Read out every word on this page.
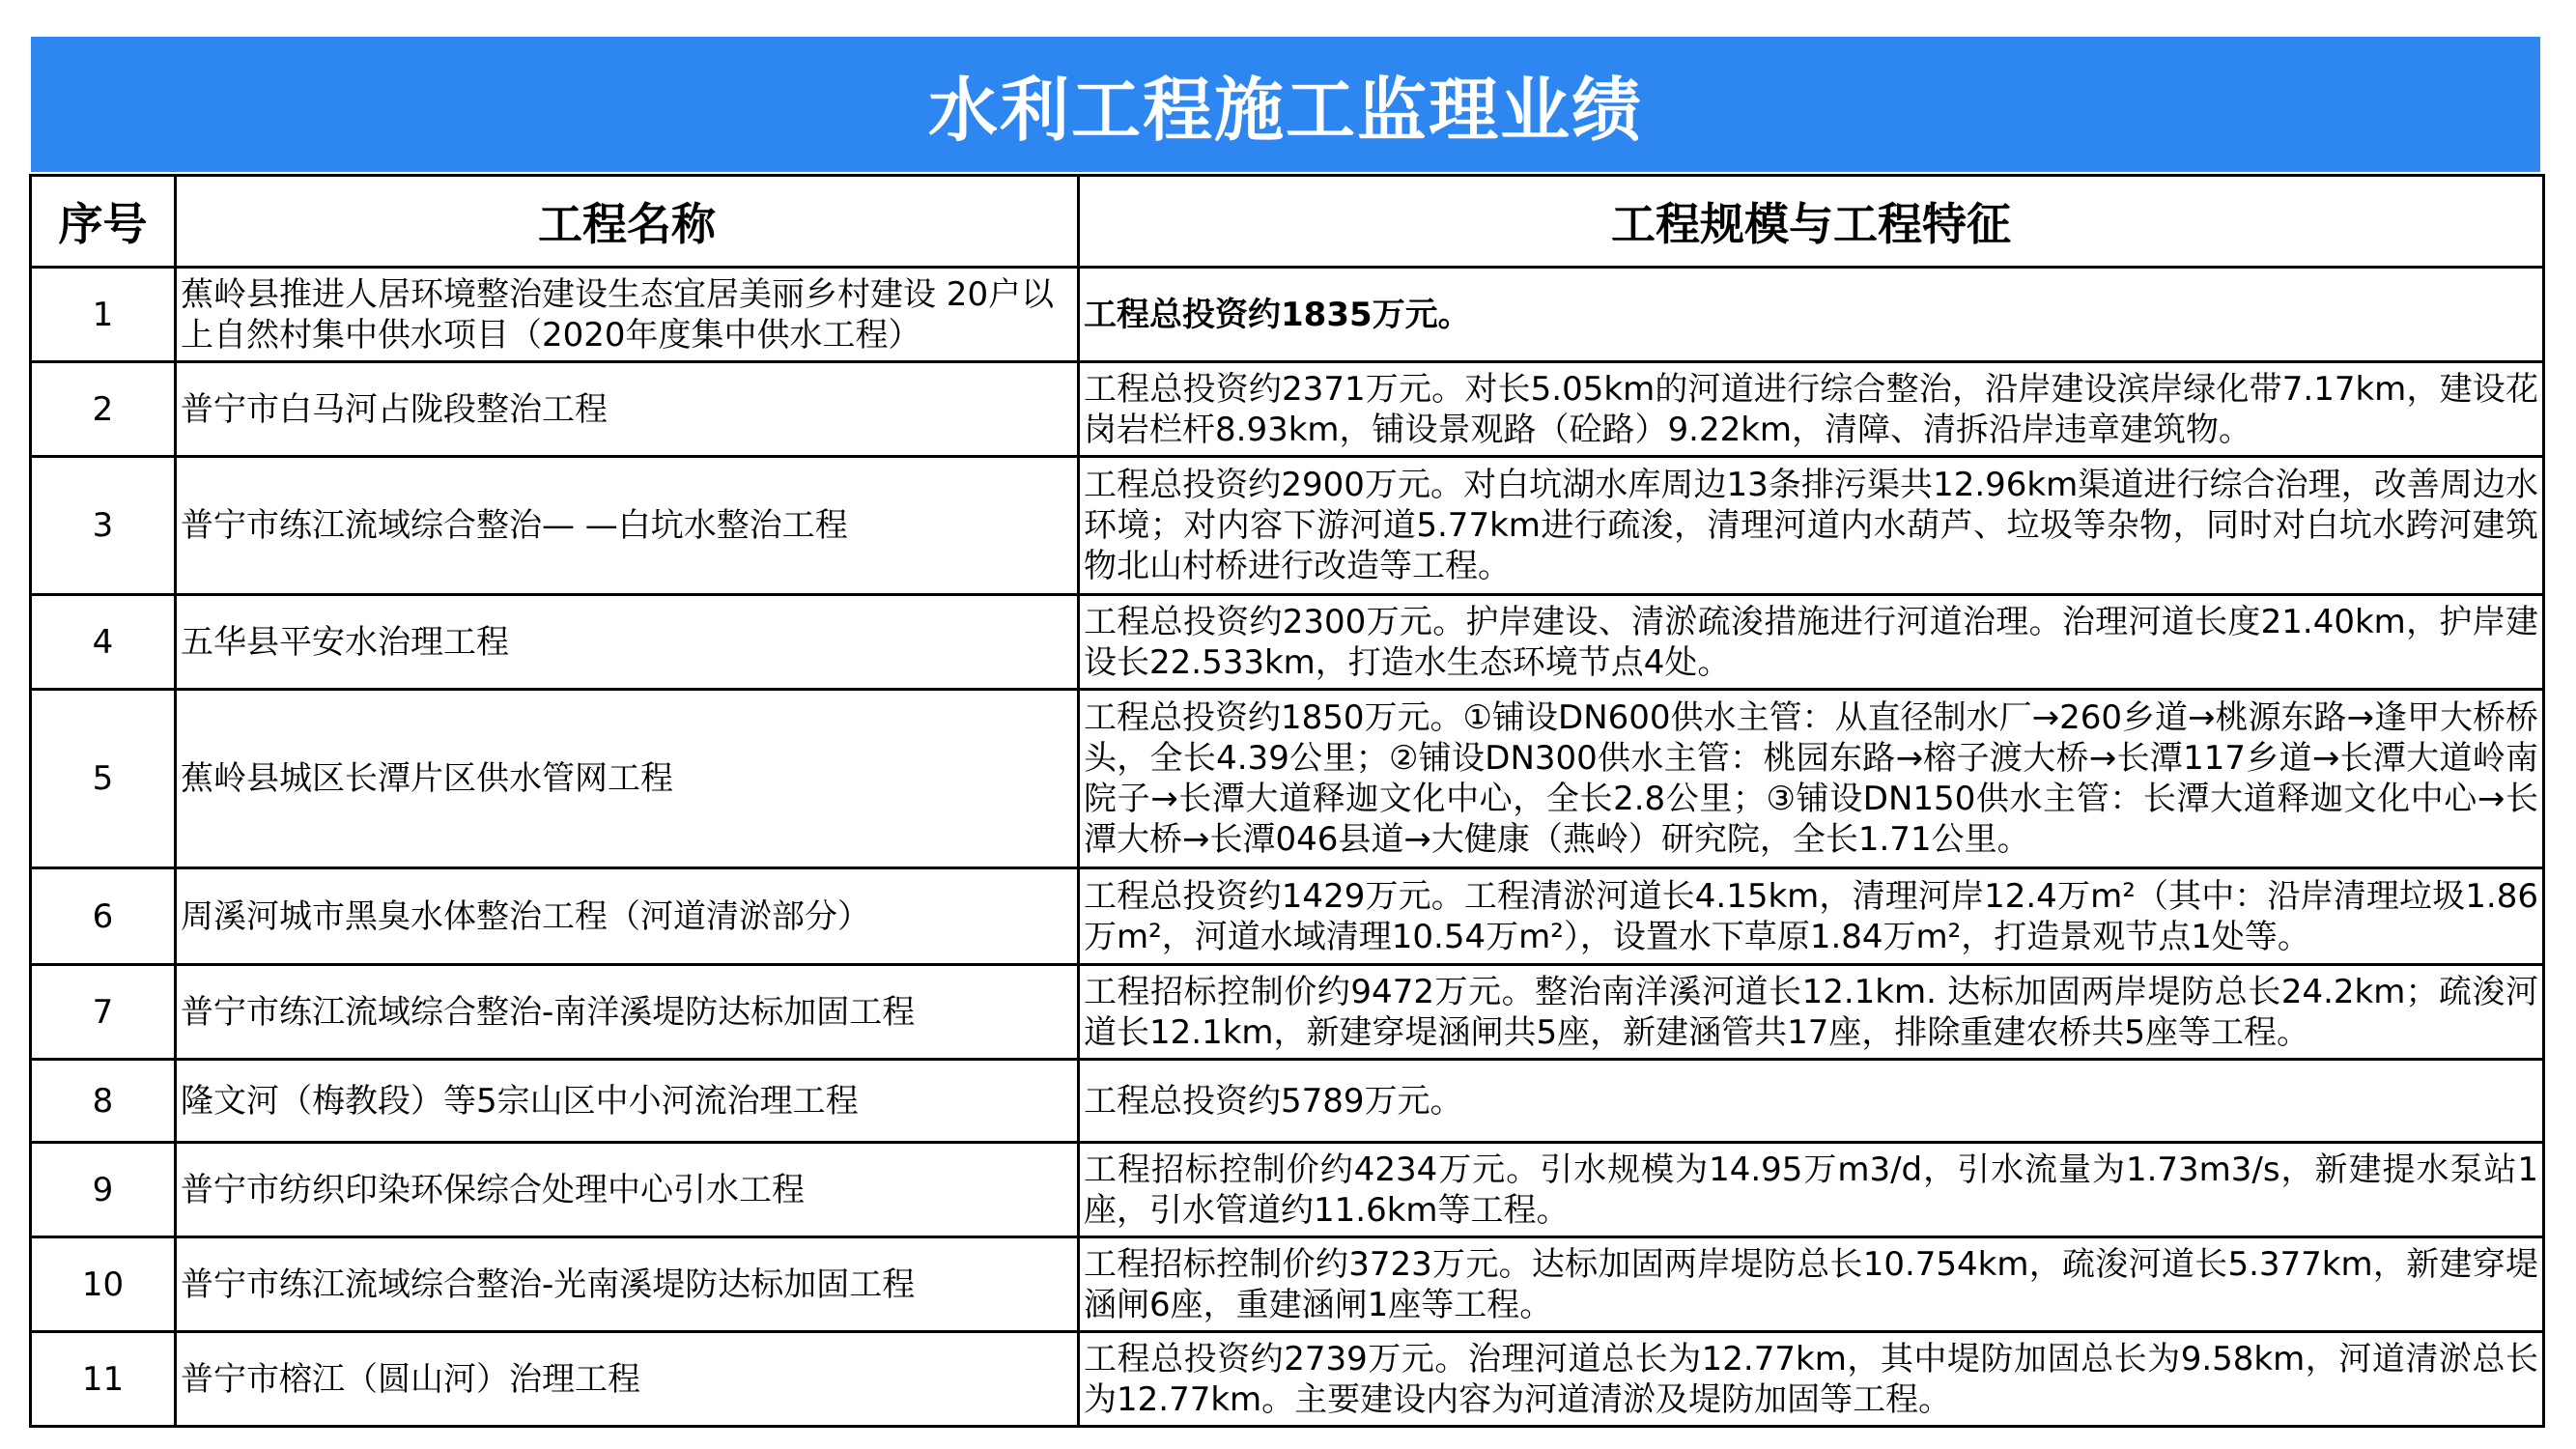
水利工程施工监理业绩
序号	工程名称	工程规模与工程特征
1	蕉岭县推进人居环境整治建设生态宜居美丽乡村建设 20户以上自然村集中供水项目（2020年度集中供水工程）	工程总投资约1835万元。
2	普宁市白马河占陇段整治工程	工程总投资约2371万元。对长5.05km的河道进行综合整治，沿岸建设滨岸绿化带7.17km，建设花岗岩栏杆8.93km，铺设景观路（砼路）9.22km，清障、清拆沿岸违章建筑物。
3	普宁市练江流域综合整治— —白坑水整治工程	工程总投资约2900万元。对白坑湖水库周边13条排污渠共12.96km渠道进行综合治理，改善周边水环境；对内容下游河道5.77km进行疏浚，清理河道内水葫芦、垃圾等杂物，同时对白坑水跨河建筑物北山村桥进行改造等工程。
4	五华县平安水治理工程	工程总投资约2300万元。护岸建设、清淤疏浚措施进行河道治理。治理河道长度21.40km，护岸建设长22.533km，打造水生态环境节点4处。
5	蕉岭县城区长潭片区供水管网工程	工程总投资约1850万元。①铺设DN600供水主管：从直径制水厂→260乡道→桃源东路→逢甲大桥桥头，全长4.39公里；②铺设DN300供水主管：桃园东路→榕子渡大桥→长潭117乡道→长潭大道岭南院子→长潭大道释迦文化中心，全长2.8公里；③铺设DN150供水主管：长潭大道释迦文化中心→长潭大桥→长潭046县道→大健康（燕岭）研究院，全长1.71公里。
6	周溪河城市黑臭水体整治工程（河道清淤部分）	工程总投资约1429万元。工程清淤河道长4.15km，清理河岸12.4万m²（其中：沿岸清理垃圾1.86万m²，河道水域清理10.54万m²），设置水下草原1.84万m²，打造景观节点1处等。
7	普宁市练江流域综合整治-南洋溪堤防达标加固工程	工程招标控制价约9472万元。整治南洋溪河道长12.1km. 达标加固两岸堤防总长24.2km；疏浚河道长12.1km，新建穿堤涵闸共5座，新建涵管共17座，排除重建农桥共5座等工程。
8	隆文河（梅教段）等5宗山区中小河流治理工程	工程总投资约5789万元。
9	普宁市纺织印染环保综合处理中心引水工程	工程招标控制价约4234万元。引水规模为14.95万m3/d，引水流量为1.73m3/s，新建提水泵站1座，引水管道约11.6km等工程。
10	普宁市练江流域综合整治-光南溪堤防达标加固工程	工程招标控制价约3723万元。达标加固两岸堤防总长10.754km，疏浚河道长5.377km，新建穿堤涵闸6座，重建涵闸1座等工程。
11	普宁市榕江（圆山河）治理工程	工程总投资约2739万元。治理河道总长为12.77km，其中堤防加固总长为9.58km，河道清淤总长为12.77km。主要建设内容为河道清淤及堤防加固等工程。
